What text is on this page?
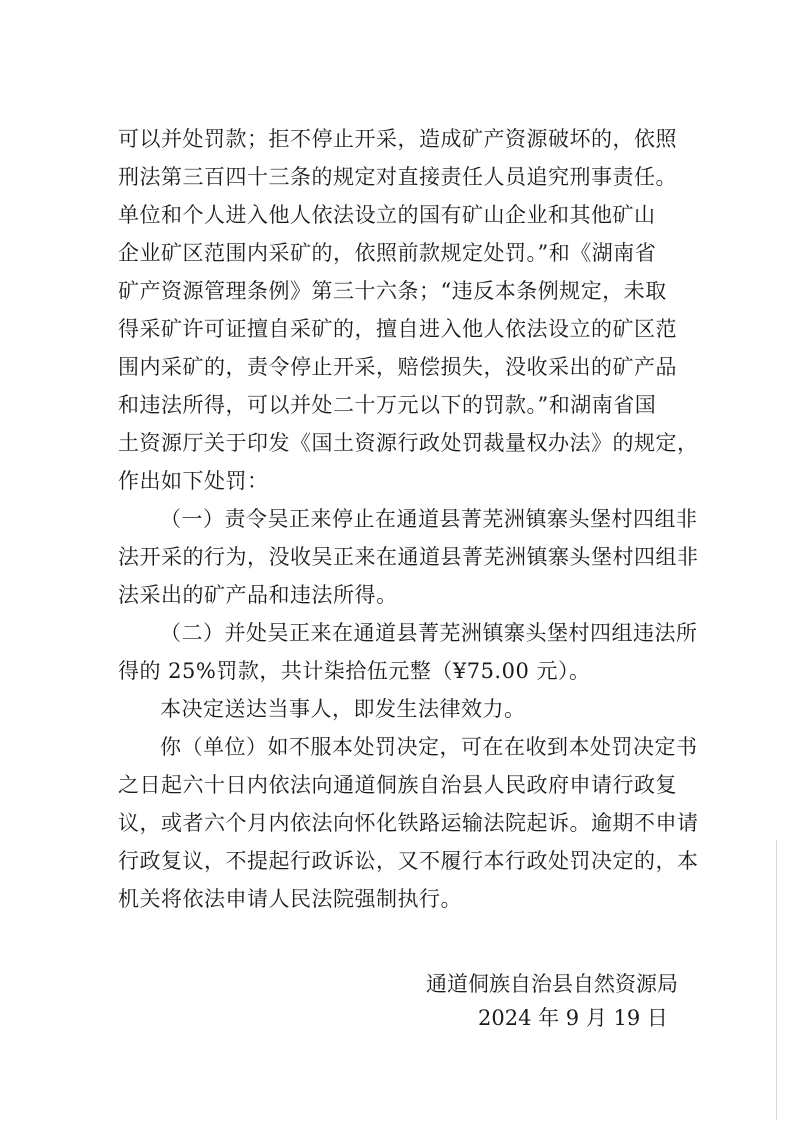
可以并处罚款；拒不停止开采，造成矿产资源破坏的，依照
刑法第三百四十三条的规定对直接责任人员追究刑事责任。
单位和个人进入他人依法设立的国有矿山企业和其他矿山
企业矿区范围内采矿的，依照前款规定处罚。”和《湖南省
矿产资源管理条例》第三十六条；“违反本条例规定，未取
得采矿许可证擅自采矿的，擅自进入他人依法设立的矿区范
围内采矿的，责令停止开采，赔偿损失，没收采出的矿产品
和违法所得，可以并处二十万元以下的罚款。”和湖南省国
土资源厅关于印发《国土资源行政处罚裁量权办法》的规定，
作出如下处罚：
（一）责令吴正来停止在通道县菁芜洲镇寨头堡村四组非
法开采的行为，没收吴正来在通道县菁芜洲镇寨头堡村四组非
法采出的矿产品和违法所得。
（二）并处吴正来在通道县菁芜洲镇寨头堡村四组违法所
得的 25%罚款，共计柒拾伍元整（¥75.00 元）。
本决定送达当事人，即发生法律效力。
你（单位）如不服本处罚决定，可在在收到本处罚决定书
之日起六十日内依法向通道侗族自治县人民政府申请行政复
议，或者六个月内依法向怀化铁路运输法院起诉。逾期不申请
行政复议，不提起行政诉讼，又不履行本行政处罚决定的，本
机关将依法申请人民法院强制执行。
通道侗族自治县自然资源局
2024 年 9 月 19 日
